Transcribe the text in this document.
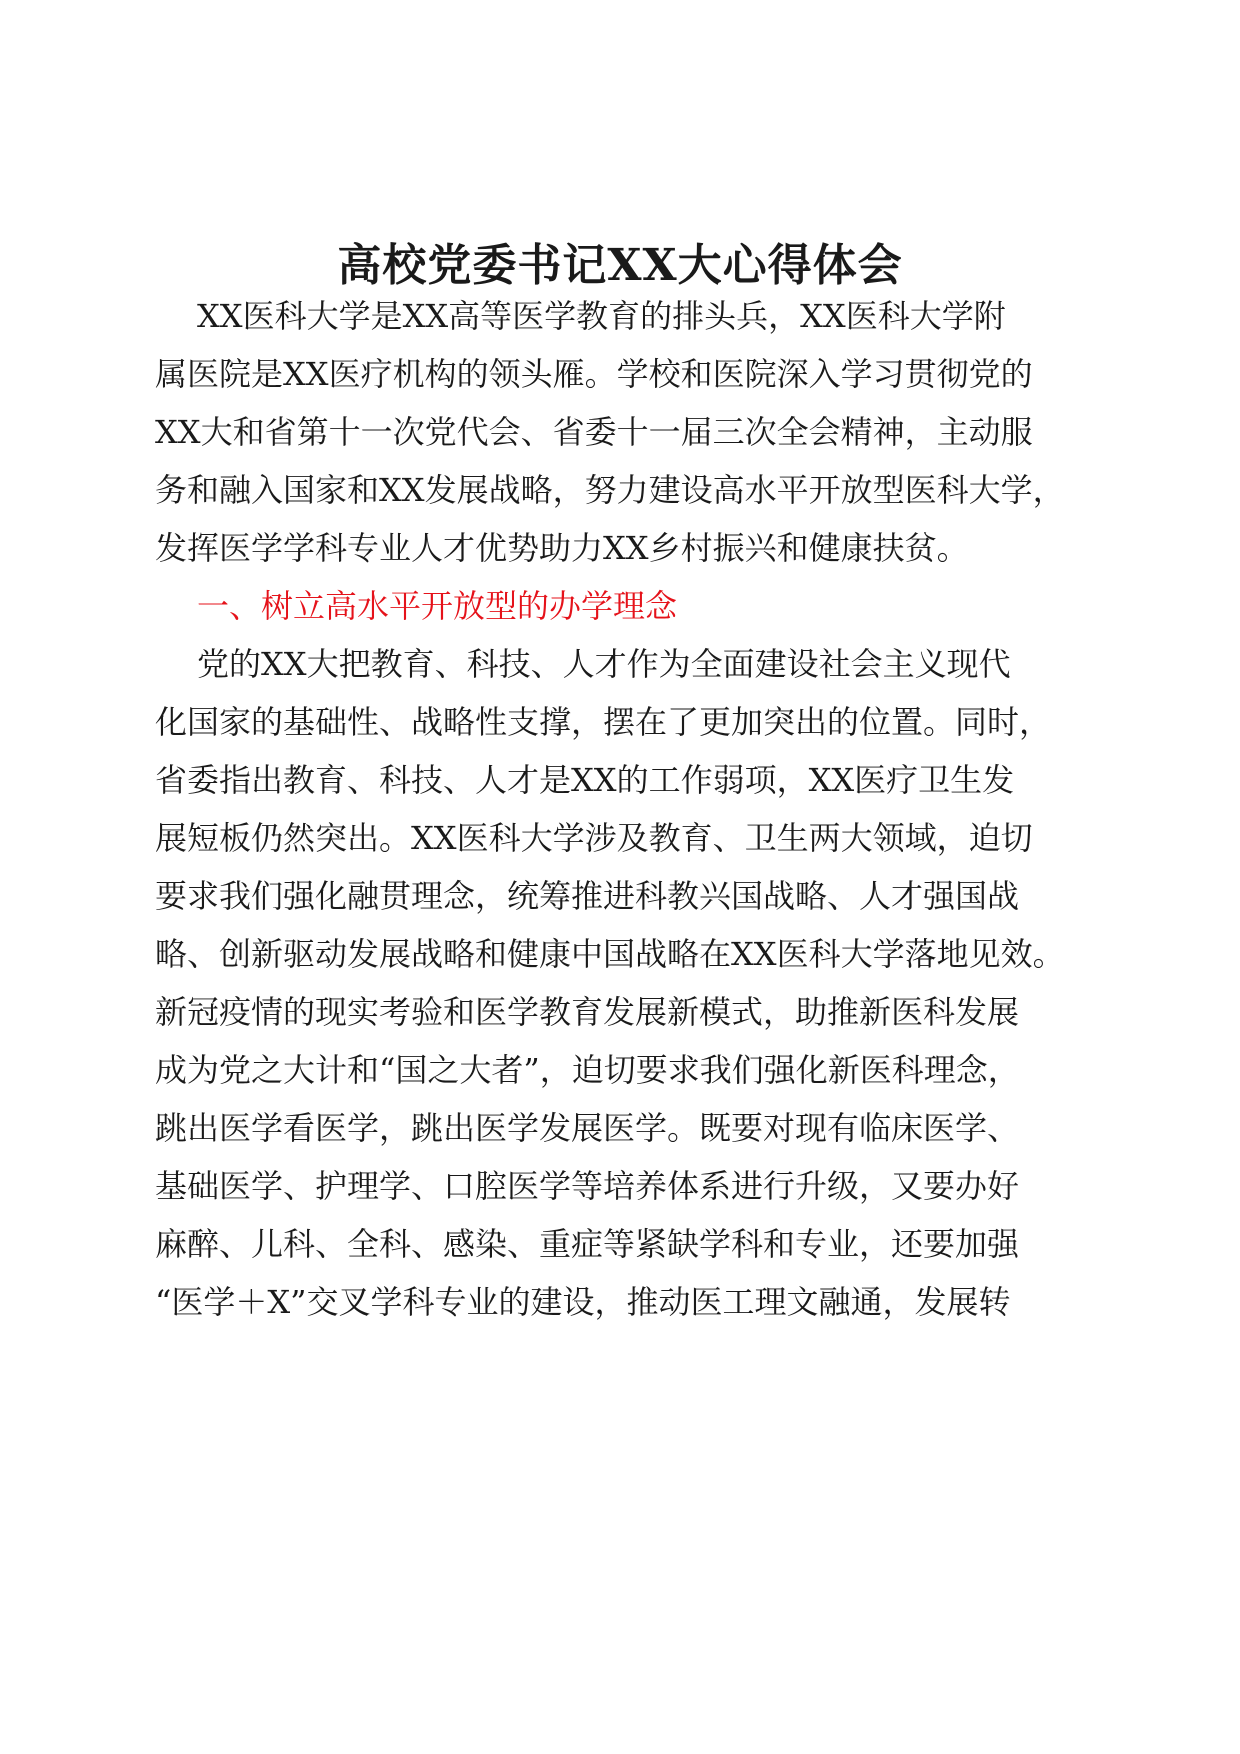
高校党委书记XX大心得体会
XX医科大学是XX高等医学教育的排头兵，XX医科大学附
属医院是XX医疗机构的领头雁。学校和医院深入学习贯彻党的
XX大和省第十一次党代会、省委十一届三次全会精神，主动服
务和融入国家和XX发展战略，努力建设高水平开放型医科大学，
发挥医学学科专业人才优势助力XX乡村振兴和健康扶贫。
一、树立高水平开放型的办学理念
党的XX大把教育、科技、人才作为全面建设社会主义现代
化国家的基础性、战略性支撑，摆在了更加突出的位置。同时，
省委指出教育、科技、人才是XX的工作弱项，XX医疗卫生发
展短板仍然突出。XX医科大学涉及教育、卫生两大领域，迫切
要求我们强化融贯理念，统筹推进科教兴国战略、人才强国战
略、创新驱动发展战略和健康中国战略在XX医科大学落地见效。
新冠疫情的现实考验和医学教育发展新模式，助推新医科发展
成为党之大计和“国之大者”，迫切要求我们强化新医科理念，
跳出医学看医学，跳出医学发展医学。既要对现有临床医学、
基础医学、护理学、口腔医学等培养体系进行升级，又要办好
麻醉、儿科、全科、感染、重症等紧缺学科和专业，还要加强
“医学＋X”交叉学科专业的建设，推动医工理文融通，发展转
